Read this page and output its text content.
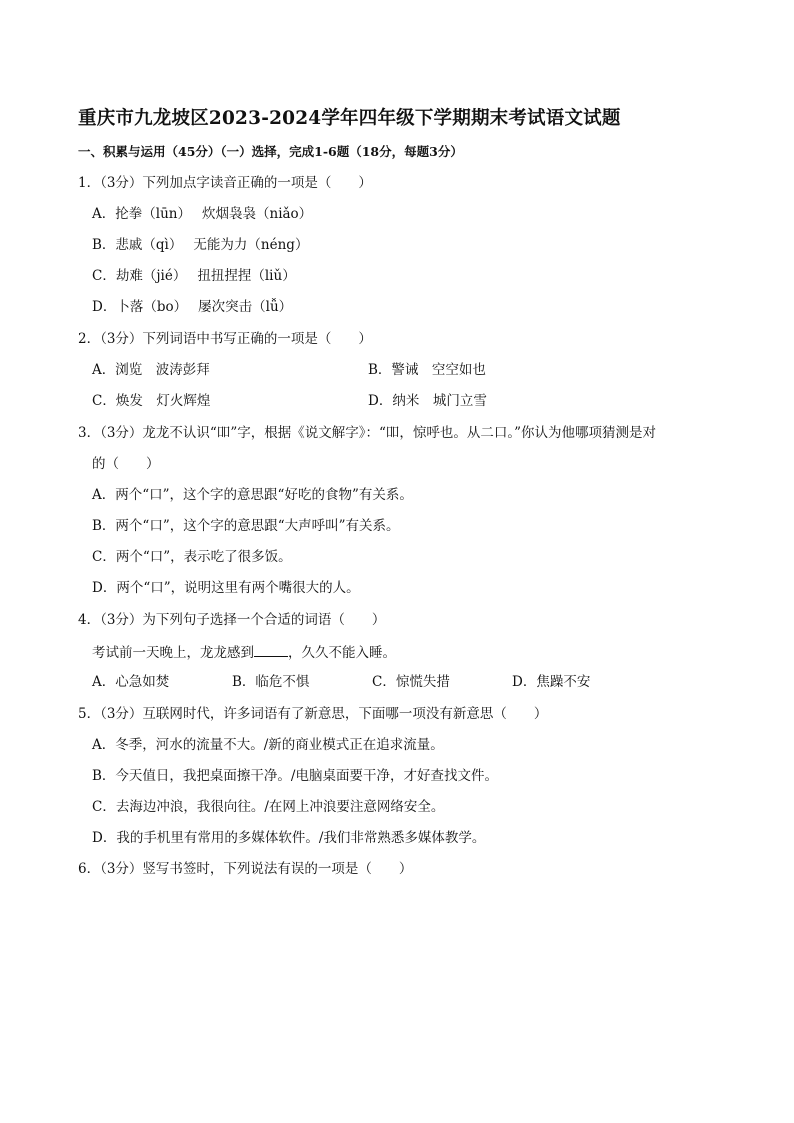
重庆市九龙坡区2023-2024学年四年级下学期期末考试语文试题
一、积累与运用（45分）（一）选择，完成1-6题（18分，每题3分）
1．（3分）下列加点字读音正确的一项是（　　）
A．抡拳（lūn）　 炊烟袅袅（niǎo）
B．悲戚（qì）　 无能为力（néng）
C．劫难（jié）　 扭扭捏捏（liǔ）
D．卜落（bo）　 屡次突击（lǚ）
2．（3分）下列词语中书写正确的一项是（　　）
A．浏览　波涛彭拜	B．警诫　空空如也
C．焕发　灯火辉煌	D．纳米　城门立雪
3．（3分）龙龙不认识“吅”字，根据《说文解字》：“吅，惊呼也。从二口。”你认为他哪项猜测是对
的（　　）
A．两个“口”，这个字的意思跟“好吃的食物”有关系。
B．两个“口”，这个字的意思跟“大声呼叫”有关系。
C．两个“口”，表示吃了很多饭。
D．两个“口”，说明这里有两个嘴很大的人。
4．（3分）为下列句子选择一个合适的词语（　　）
考试前一天晚上，龙龙感到	，久久不能入睡。
A．心急如焚	B．临危不惧	C．惊慌失措	D．焦躁不安
5．（3分）互联网时代，许多词语有了新意思，下面哪一项没有新意思（　　）
A．冬季，河水的流量不大。/新的商业模式正在追求流量。
B．今天值日，我把桌面擦干净。/电脑桌面要干净，才好查找文件。
C．去海边冲浪，我很向往。/在网上冲浪要注意网络安全。
D．我的手机里有常用的多媒体软件。/我们非常熟悉多媒体教学。
6．（3分）竖写书签时，下列说法有误的一项是（　　）
